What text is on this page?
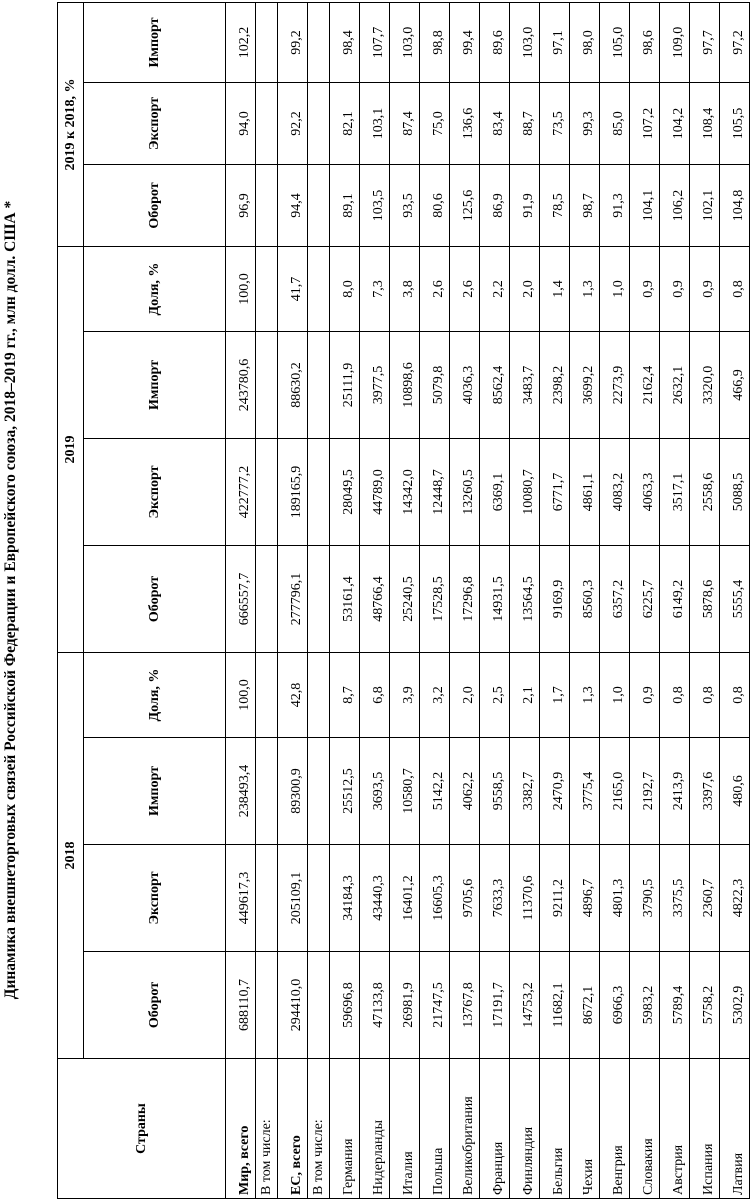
Динамика внешнеторговых связей Российской Федерации и Европейского союза, 2018–2019 гг., млн долл. США *
Страны	2018				2019				2019 к 2018, %		
	Оборот	Экспорт	Импорт	Доля, %	Оборот	Экспорт	Импорт	Доля, %	Оборот	Экспорт	Импорт
Мир, всего	688110,7	449617,3	238493,4	100,0	666557,7	422777,2	243780,6	100,0	96,9	94,0	102,2
В том числе:											
ЕС, всего	294410,0	205109,1	89300,9	42,8	277796,1	189165,9	88630,2	41,7	94,4	92,2	99,2
В том числе:											
Германия	59696,8	34184,3	25512,5	8,7	53161,4	28049,5	25111,9	8,0	89,1	82,1	98,4
Нидерланды	47133,8	43440,3	3693,5	6,8	48766,4	44789,0	3977,5	7,3	103,5	103,1	107,7
Италия	26981,9	16401,2	10580,7	3,9	25240,5	14342,0	10898,6	3,8	93,5	87,4	103,0
Польша	21747,5	16605,3	5142,2	3,2	17528,5	12448,7	5079,8	2,6	80,6	75,0	98,8
Великобритания	13767,8	9705,6	4062,2	2,0	17296,8	13260,5	4036,3	2,6	125,6	136,6	99,4
Франция	17191,7	7633,3	9558,5	2,5	14931,5	6369,1	8562,4	2,2	86,9	83,4	89,6
Финляндия	14753,2	11370,6	3382,7	2,1	13564,5	10080,7	3483,7	2,0	91,9	88,7	103,0
Бельгия	11682,1	9211,2	2470,9	1,7	9169,9	6771,7	2398,2	1,4	78,5	73,5	97,1
Чехия	8672,1	4896,7	3775,4	1,3	8560,3	4861,1	3699,2	1,3	98,7	99,3	98,0
Венгрия	6966,3	4801,3	2165,0	1,0	6357,2	4083,2	2273,9	1,0	91,3	85,0	105,0
Словакия	5983,2	3790,5	2192,7	0,9	6225,7	4063,3	2162,4	0,9	104,1	107,2	98,6
Австрия	5789,4	3375,5	2413,9	0,8	6149,2	3517,1	2632,1	0,9	106,2	104,2	109,0
Испания	5758,2	2360,7	3397,6	0,8	5878,6	2558,6	3320,0	0,9	102,1	108,4	97,7
Латвия	5302,9	4822,3	480,6	0,8	5555,4	5088,5	466,9	0,8	104,8	105,5	97,2
